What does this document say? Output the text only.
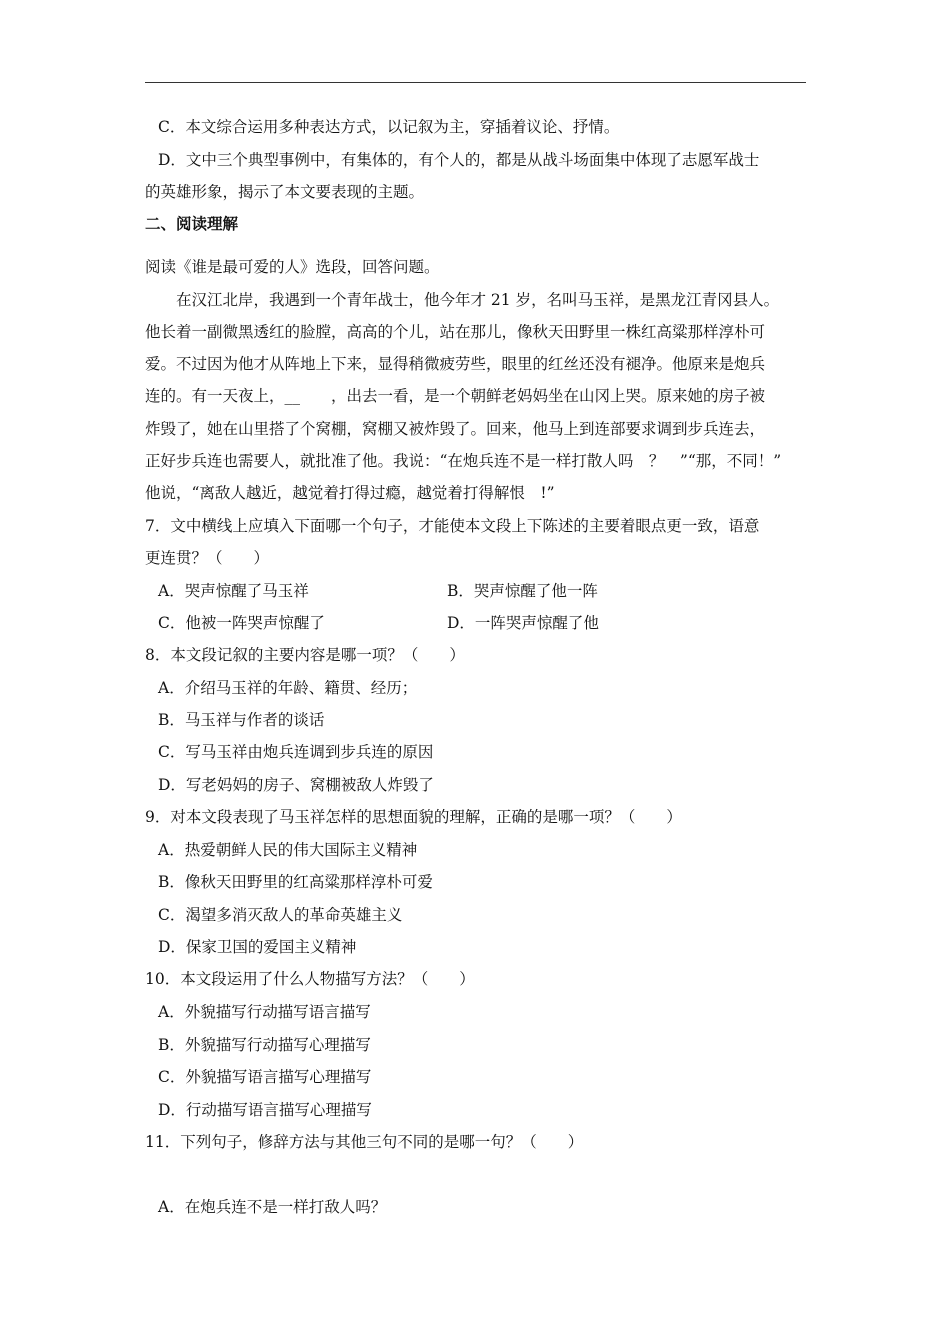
C．本文综合运用多种表达方式，以记叙为主，穿插着议论、抒情。
D．文中三个典型事例中，有集体的，有个人的，都是从战斗场面集中体现了志愿军战士
的英雄形象，揭示了本文要表现的主题。
二、阅读理解
阅读《谁是最可爱的人》选段，回答问题。
在汉江北岸，我遇到一个青年战士，他今年才 21 岁，名叫马玉祥，是黑龙江青冈县人。
他长着一副微黑透红的脸膛，高高的个儿，站在那儿，像秋天田野里一株红高粱那样淳朴可
爱。不过因为他才从阵地上下来，显得稍微疲劳些，眼里的红丝还没有褪净。他原来是炮兵
连的。有一天夜上，__　　，出去一看，是一个朝鲜老妈妈坐在山冈上哭。原来她的房子被
炸毁了，她在山里搭了个窝棚，窝棚又被炸毁了。回来，他马上到连部要求调到步兵连去，
正好步兵连也需要人，就批准了他。我说：“在炮兵连不是一样打散人吗　？　”“那，不同！”
他说，“离敌人越近，越觉着打得过瘾，越觉着打得解恨　!”
7．文中横线上应填入下面哪一个句子，才能使本文段上下陈述的主要着眼点更一致，语意
更连贯？（　　）
A．哭声惊醒了马玉祥	B．哭声惊醒了他一阵
C．他被一阵哭声惊醒了	D．一阵哭声惊醒了他
8．本文段记叙的主要内容是哪一项？（　　）
A．介绍马玉祥的年龄、籍贯、经历；
B．马玉祥与作者的谈话
C．写马玉祥由炮兵连调到步兵连的原因
D．写老妈妈的房子、窝棚被敌人炸毁了
9．对本文段表现了马玉祥怎样的思想面貌的理解，正确的是哪一项？（　　）
A．热爱朝鲜人民的伟大国际主义精神
B．像秋天田野里的红高粱那样淳朴可爱
C．渴望多消灭敌人的革命英雄主义
D．保家卫国的爱国主义精神
10．本文段运用了什么人物描写方法？（　　）
A．外貌描写行动描写语言描写
B．外貌描写行动描写心理描写
C．外貌描写语言描写心理描写
D．行动描写语言描写心理描写
11．下列句子，修辞方法与其他三句不同的是哪一句？（　　）
A．在炮兵连不是一样打敌人吗？
